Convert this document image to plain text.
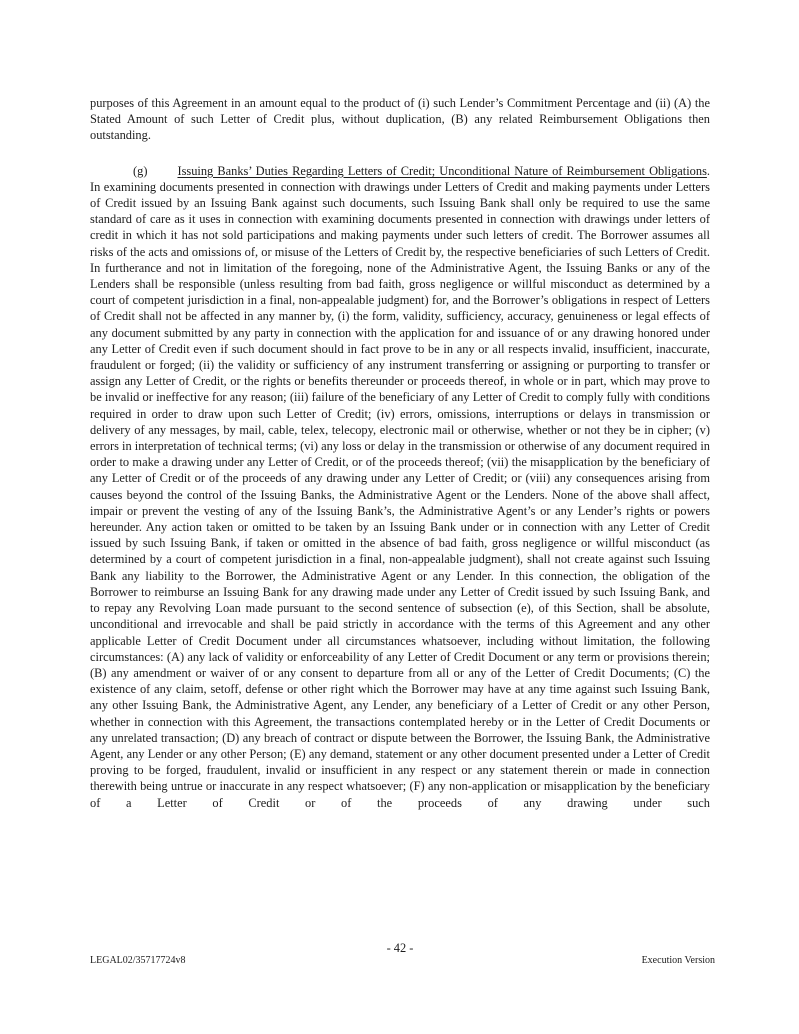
purposes of this Agreement in an amount equal to the product of (i) such Lender’s Commitment Percentage and (ii) (A) the Stated Amount of such Letter of Credit plus, without duplication, (B) any related Reimbursement Obligations then outstanding.

(g) Issuing Banks’ Duties Regarding Letters of Credit; Unconditional Nature of Reimbursement Obligations. In examining documents presented in connection with drawings under Letters of Credit and making payments under Letters of Credit issued by an Issuing Bank against such documents, such Issuing Bank shall only be required to use the same standard of care as it uses in connection with examining documents presented in connection with drawings under letters of credit in which it has not sold participations and making payments under such letters of credit. The Borrower assumes all risks of the acts and omissions of, or misuse of the Letters of Credit by, the respective beneficiaries of such Letters of Credit. In furtherance and not in limitation of the foregoing, none of the Administrative Agent, the Issuing Banks or any of the Lenders shall be responsible (unless resulting from bad faith, gross negligence or willful misconduct as determined by a court of competent jurisdiction in a final, non-appealable judgment) for, and the Borrower’s obligations in respect of Letters of Credit shall not be affected in any manner by, (i) the form, validity, sufficiency, accuracy, genuineness or legal effects of any document submitted by any party in connection with the application for and issuance of or any drawing honored under any Letter of Credit even if such document should in fact prove to be in any or all respects invalid, insufficient, inaccurate, fraudulent or forged; (ii) the validity or sufficiency of any instrument transferring or assigning or purporting to transfer or assign any Letter of Credit, or the rights or benefits thereunder or proceeds thereof, in whole or in part, which may prove to be invalid or ineffective for any reason; (iii) failure of the beneficiary of any Letter of Credit to comply fully with conditions required in order to draw upon such Letter of Credit; (iv) errors, omissions, interruptions or delays in transmission or delivery of any messages, by mail, cable, telex, telecopy, electronic mail or otherwise, whether or not they be in cipher; (v) errors in interpretation of technical terms; (vi) any loss or delay in the transmission or otherwise of any document required in order to make a drawing under any Letter of Credit, or of the proceeds thereof; (vii) the misapplication by the beneficiary of any Letter of Credit or of the proceeds of any drawing under any Letter of Credit; or (viii) any consequences arising from causes beyond the control of the Issuing Banks, the Administrative Agent or the Lenders. None of the above shall affect, impair or prevent the vesting of any of the Issuing Bank’s, the Administrative Agent’s or any Lender’s rights or powers hereunder. Any action taken or omitted to be taken by an Issuing Bank under or in connection with any Letter of Credit issued by such Issuing Bank, if taken or omitted in the absence of bad faith, gross negligence or willful misconduct (as determined by a court of competent jurisdiction in a final, non-appealable judgment), shall not create against such Issuing Bank any liability to the Borrower, the Administrative Agent or any Lender. In this connection, the obligation of the Borrower to reimburse an Issuing Bank for any drawing made under any Letter of Credit issued by such Issuing Bank, and to repay any Revolving Loan made pursuant to the second sentence of subsection (e), of this Section, shall be absolute, unconditional and irrevocable and shall be paid strictly in accordance with the terms of this Agreement and any other applicable Letter of Credit Document under all circumstances whatsoever, including without limitation, the following circumstances: (A) any lack of validity or enforceability of any Letter of Credit Document or any term or provisions therein; (B) any amendment or waiver of or any consent to departure from all or any of the Letter of Credit Documents; (C) the existence of any claim, setoff, defense or other right which the Borrower may have at any time against such Issuing Bank, any other Issuing Bank, the Administrative Agent, any Lender, any beneficiary of a Letter of Credit or any other Person, whether in connection with this Agreement, the transactions contemplated hereby or in the Letter of Credit Documents or any unrelated transaction; (D) any breach of contract or dispute between the Borrower, the Issuing Bank, the Administrative Agent, any Lender or any other Person; (E) any demand, statement or any other document presented under a Letter of Credit proving to be forged, fraudulent, invalid or insufficient in any respect or any statement therein or made in connection therewith being untrue or inaccurate in any respect whatsoever; (F) any non-application or misapplication by the beneficiary of a Letter of Credit or of the proceeds of any drawing under such

- 42 -
LEGAL02/35717724v8	Execution Version
